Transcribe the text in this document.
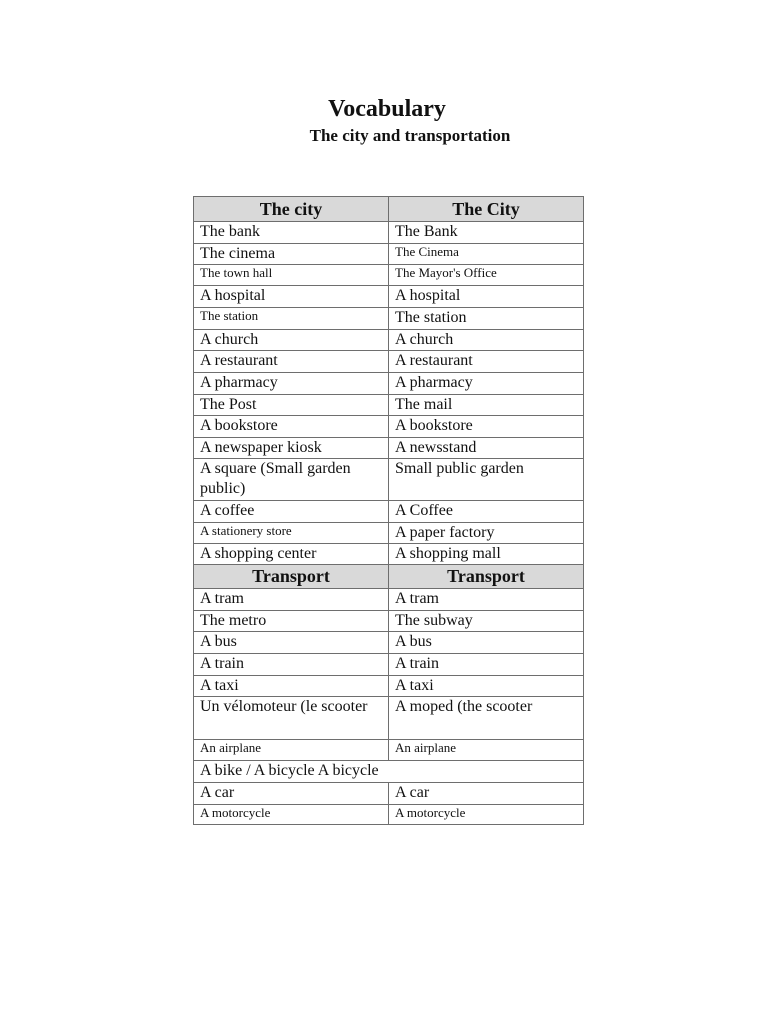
Vocabulary
The city and transportation
The city	The City
The bank	The Bank
The cinema	The Cinema
The town hall	The Mayor's Office
A hospital	A hospital
The station	The station
A church	A church
A restaurant	A restaurant
A pharmacy	A pharmacy
The Post	The mail
A bookstore	A bookstore
A newspaper kiosk	A newsstand
A square (Small garden public)	Small public garden
A coffee	A Coffee
A stationery store	A paper factory
A shopping center	A shopping mall
Transport	Transport
A tram	A tram
The metro	The subway
A bus	A bus
A train	A train
A taxi	A taxi
Un vélomoteur (le scooter	A moped (the scooter
An airplane	An airplane
A bike / A bicycle A bicycle	
A car	A car
A motorcycle	A motorcycle
